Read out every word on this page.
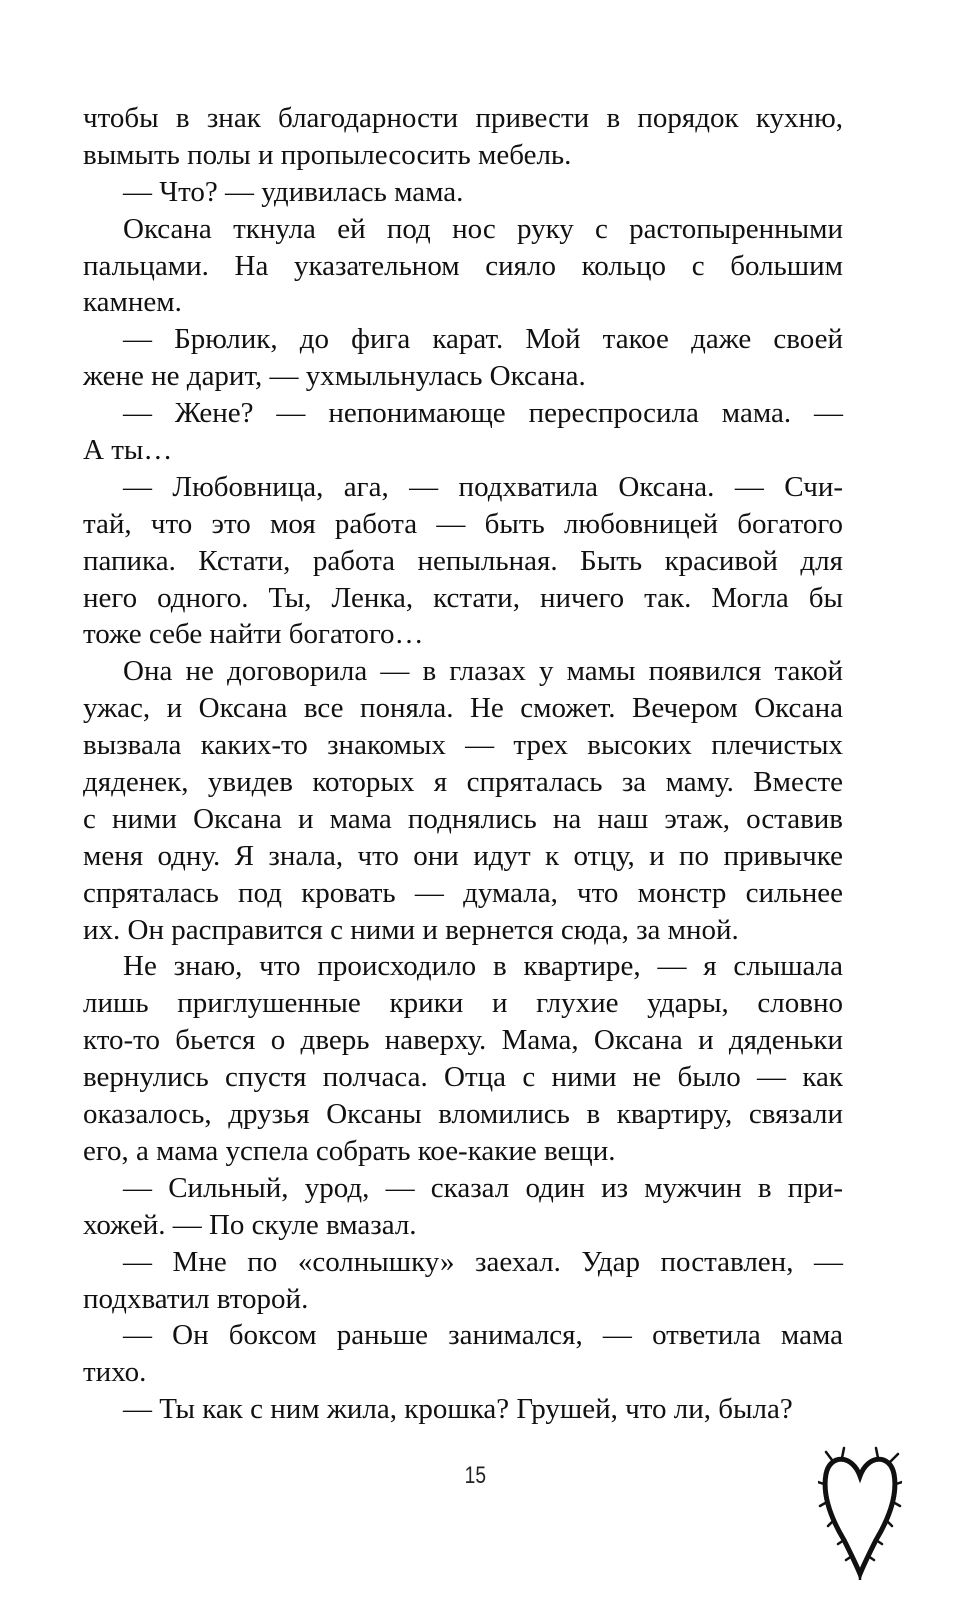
чтобы в знак благодарности привести в порядок кухню,
вымыть полы и пропылесосить мебель.
— Что? — удивилась мама.
Оксана ткнула ей под нос руку с растопыренными
пальцами. На указательном сияло кольцо с большим
камнем.
— Брюлик, до фига карат. Мой такое даже своей
жене не дарит, — ухмыльнулась Оксана.
— Жене? — непонимающе переспросила мама. —
А ты…
— Любовница, ага, — подхватила Оксана. — Счи-
тай, что это моя работа — быть любовницей богатого
папика. Кстати, работа непыльная. Быть красивой для
него одного. Ты, Ленка, кстати, ничего так. Могла бы
тоже себе найти богатого…
Она не договорила — в глазах у мамы появился такой
ужас, и Оксана все поняла. Не сможет. Вечером Оксана
вызвала каких-то знакомых — трех высоких плечистых
дяденек, увидев которых я спряталась за маму. Вместе
с ними Оксана и мама поднялись на наш этаж, оставив
меня одну. Я знала, что они идут к отцу, и по привычке
спряталась под кровать — думала, что монстр сильнее
их. Он расправится с ними и вернется сюда, за мной.
Не знаю, что происходило в квартире, — я слышала
лишь приглушенные крики и глухие удары, словно
кто-то бьется о дверь наверху. Мама, Оксана и дяденьки
вернулись спустя полчаса. Отца с ними не было — как
оказалось, друзья Оксаны вломились в квартиру, связали
его, а мама успела собрать кое-какие вещи.
— Сильный, урод, — сказал один из мужчин в при-
хожей. — По скуле вмазал.
— Мне по «солнышку» заехал. Удар поставлен, —
подхватил второй.
— Он боксом раньше занимался, — ответила мама
тихо.
— Ты как с ним жила, крошка? Грушей, что ли, была?
15
